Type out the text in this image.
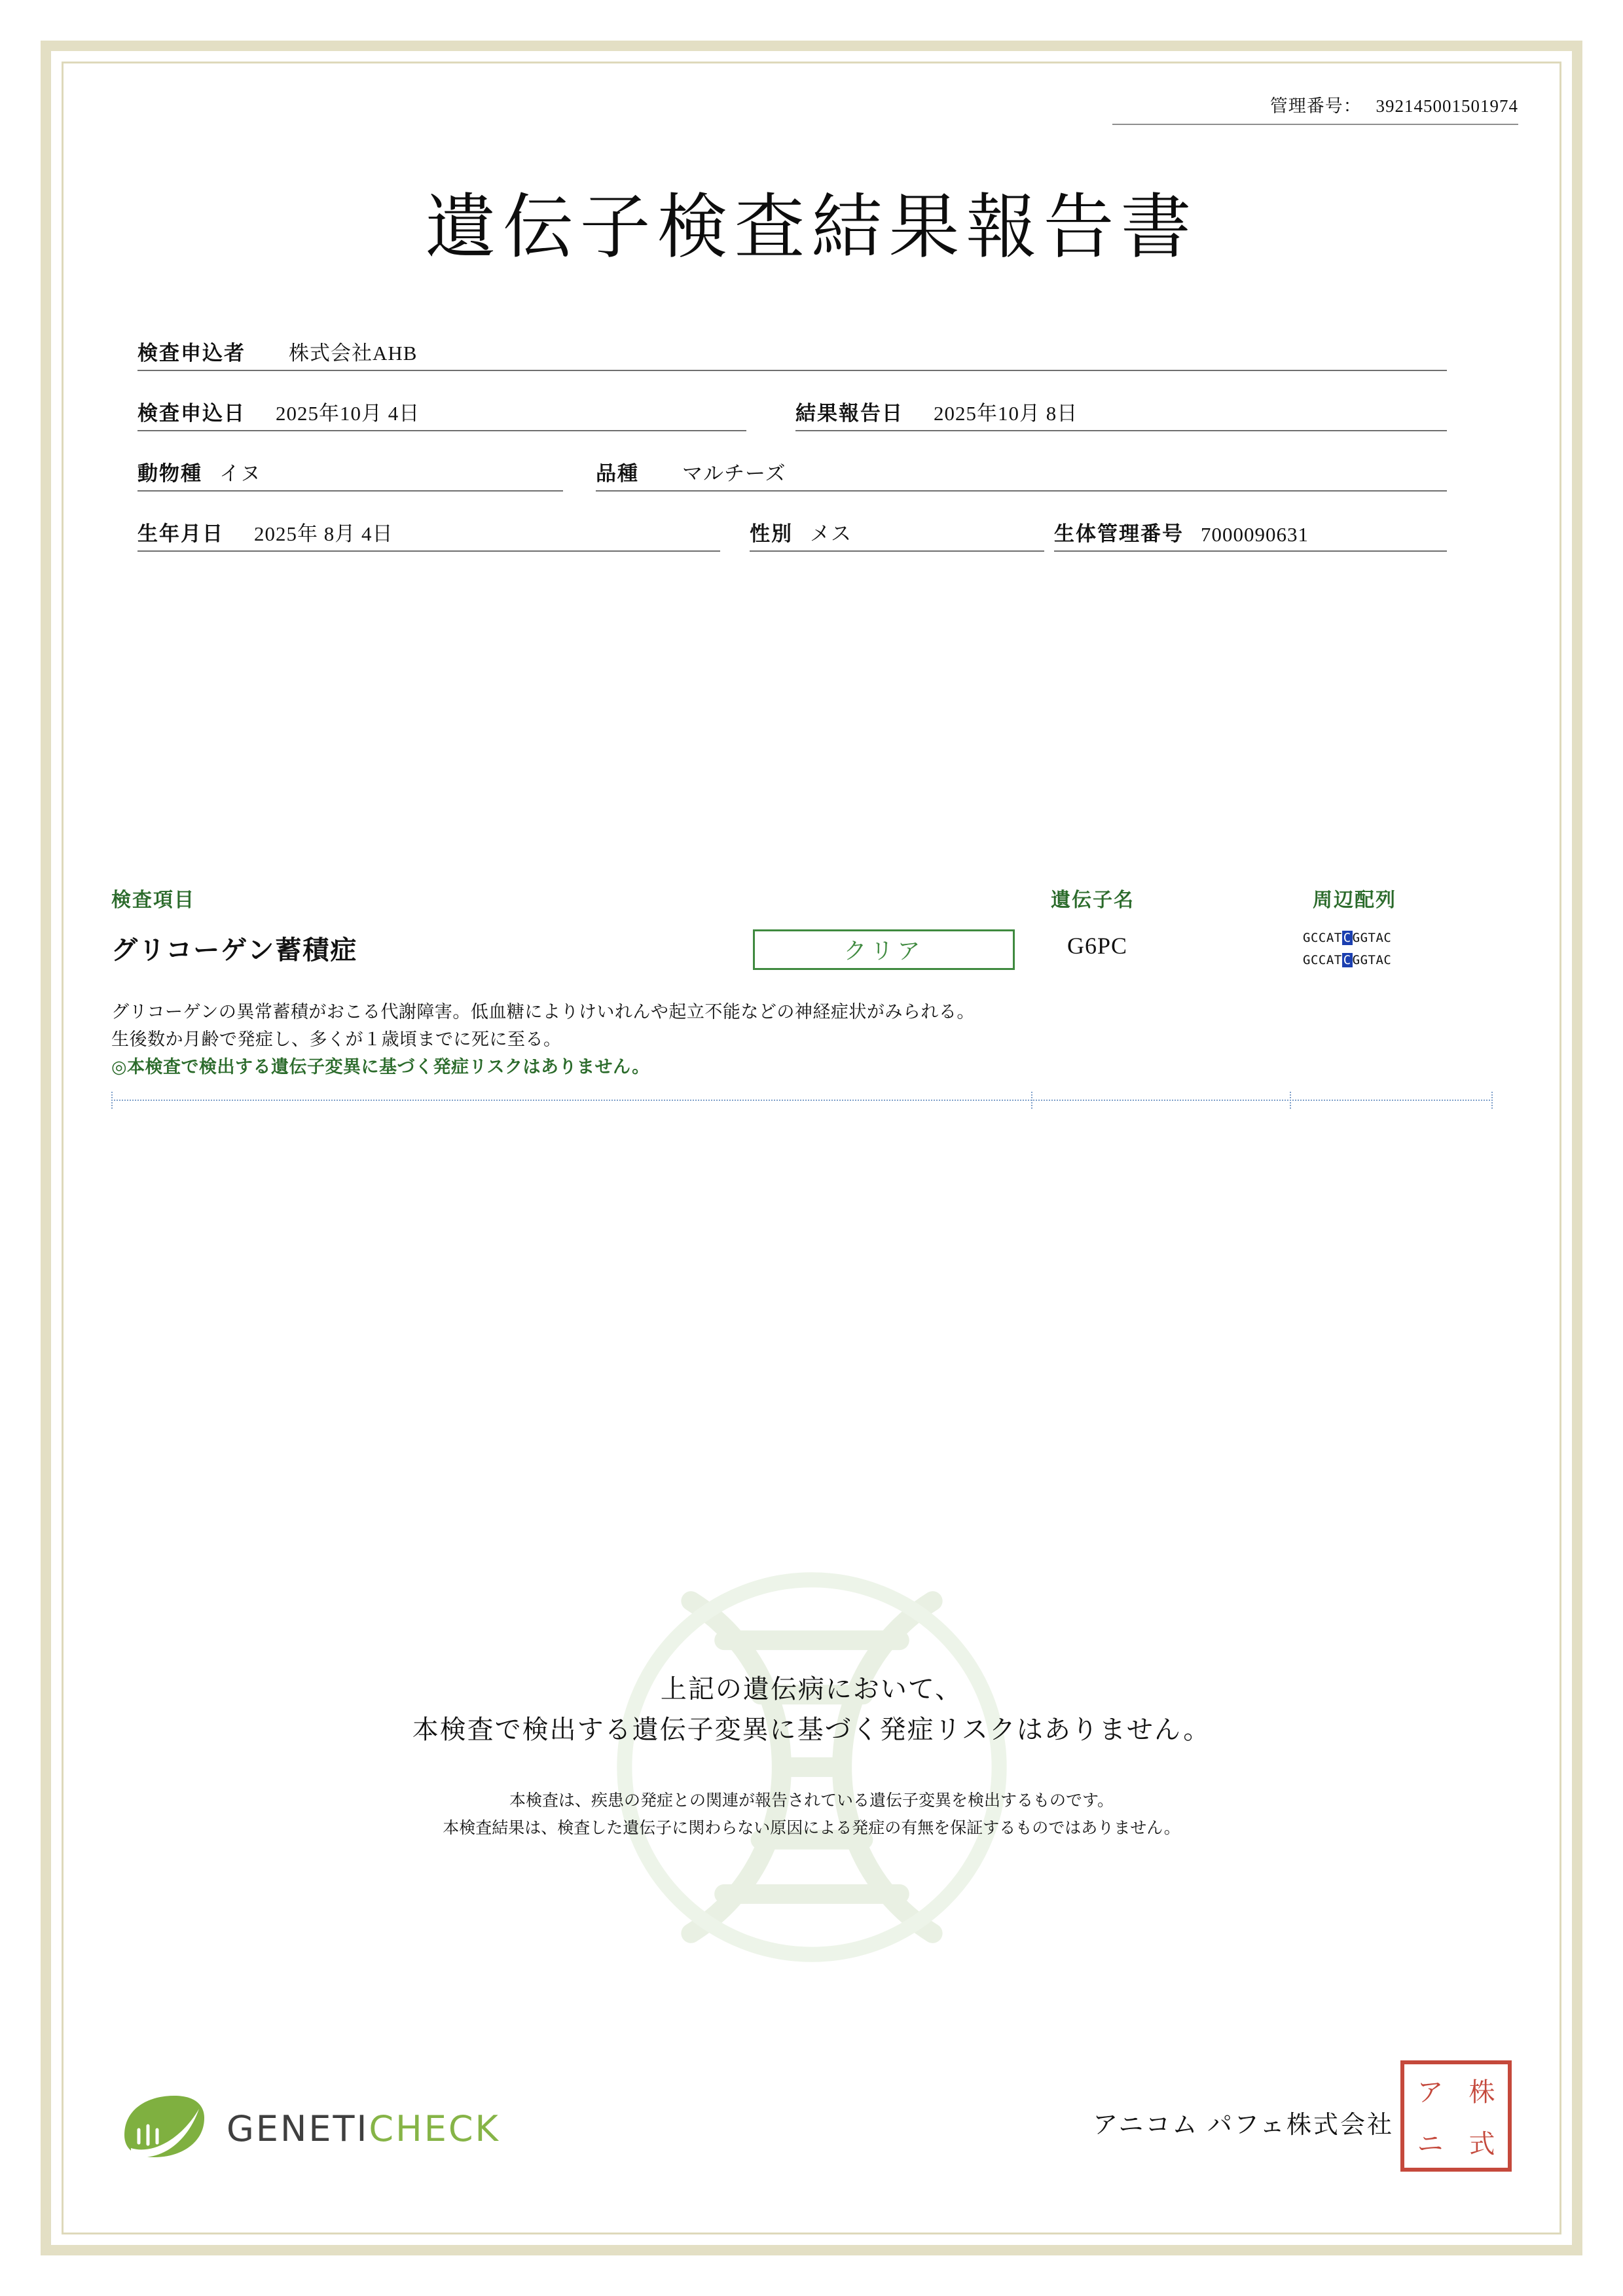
管理番号： 392145001501974
遺伝子検査結果報告書
検査申込者 株式会社AHB
検査申込日 2025年10月 4日	結果報告日 2025年10月 8日
動物種 イヌ	品種 マルチーズ
生年月日 2025年 8月 4日	性別 メス	生体管理番号 7000090631
検査項目	遺伝子名	周辺配列
グリコーゲン蓄積症	クリア	G6PC	GCCAT C GGTAC
GCCAT C GGTAC
グリコーゲンの異常蓄積がおこる代謝障害。低血糖によりけいれんや起立不能などの神経症状がみられる。
生後数か月齢で発症し、多くが１歳頃までに死に至る。
◎本検査で検出する遺伝子変異に基づく発症リスクはありません。
上記の遺伝病において、
本検査で検出する遺伝子変異に基づく発症リスクはありません。
本検査は、疾患の発症との関連が報告されている遺伝子変異を検出するものです。
本検査結果は、検査した遺伝子に関わらない原因による発症の有無を保証するものではありません。
GENETICHECK	アニコム パフェ株式会社
ア 株
ニ 式
